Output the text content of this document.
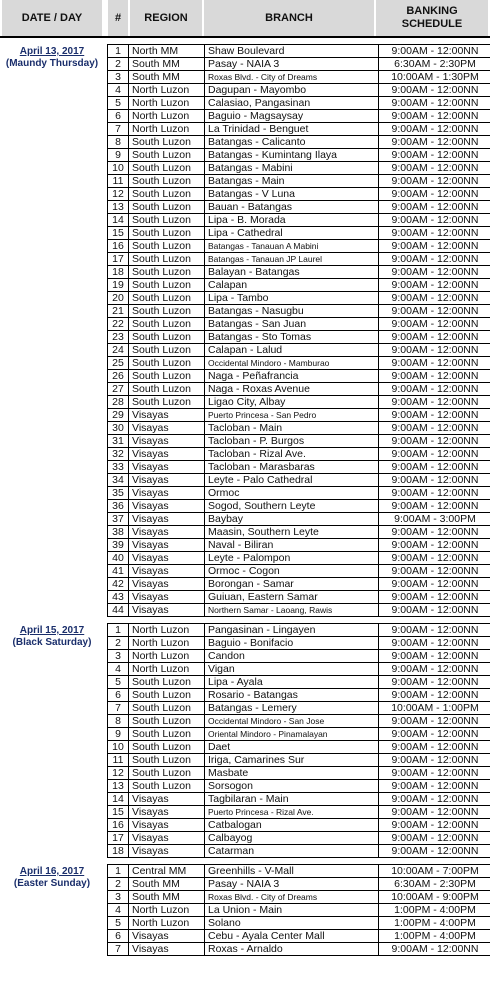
DATE / DAY	#	REGION	BRANCH
BANKING
SCHEDULE
April 13, 2017
(Maundy Thursday)
1	North MM	Shaw Boulevard	9:00AM - 12:00NN
2	South MM	Pasay - NAIA 3	6:30AM - 2:30PM
3	South MM	Roxas Blvd. - City of Dreams	10:00AM - 1:30PM
4	North Luzon	Dagupan - Mayombo	9:00AM - 12:00NN
5	North Luzon	Calasiao, Pangasinan	9:00AM - 12:00NN
6	North Luzon	Baguio - Magsaysay	9:00AM - 12:00NN
7	North Luzon	La Trinidad - Benguet	9:00AM - 12:00NN
8	South Luzon	Batangas - Calicanto	9:00AM - 12:00NN
9	South Luzon	Batangas - Kumintang Ilaya	9:00AM - 12:00NN
10 South Luzon	Batangas - Mabini	9:00AM - 12:00NN
11 South Luzon	Batangas - Main	9:00AM - 12:00NN
12 South Luzon	Batangas - V Luna	9:00AM - 12:00NN
13 South Luzon	Bauan - Batangas	9:00AM - 12:00NN
14 South Luzon	Lipa - B. Morada	9:00AM - 12:00NN
15 South Luzon	Lipa - Cathedral	9:00AM - 12:00NN
16 South Luzon	Batangas - Tanauan A Mabini	9:00AM - 12:00NN
17 South Luzon	Batangas - Tanauan JP Laurel	9:00AM - 12:00NN
18 South Luzon	Balayan - Batangas	9:00AM - 12:00NN
19 South Luzon	Calapan	9:00AM - 12:00NN
20 South Luzon	Lipa - Tambo	9:00AM - 12:00NN
21 South Luzon	Batangas - Nasugbu	9:00AM - 12:00NN
22 South Luzon	Batangas - San Juan	9:00AM - 12:00NN
23 South Luzon	Batangas - Sto Tomas	9:00AM - 12:00NN
24 South Luzon	Calapan - Lalud	9:00AM - 12:00NN
25 South Luzon	Occidental Mindoro - Mamburao	9:00AM - 12:00NN
26 South Luzon	Naga - Peñafrancia	9:00AM - 12:00NN
27 South Luzon	Naga - Roxas Avenue	9:00AM - 12:00NN
28 South Luzon	Ligao City, Albay	9:00AM - 12:00NN
29 Visayas	Puerto Princesa - San Pedro	9:00AM - 12:00NN
30 Visayas	Tacloban - Main	9:00AM - 12:00NN
31 Visayas	Tacloban - P. Burgos	9:00AM - 12:00NN
32 Visayas	Tacloban - Rizal Ave.	9:00AM - 12:00NN
33 Visayas	Tacloban - Marasbaras	9:00AM - 12:00NN
34 Visayas	Leyte - Palo Cathedral	9:00AM - 12:00NN
35 Visayas	Ormoc	9:00AM - 12:00NN
36 Visayas	Sogod, Southern Leyte	9:00AM - 12:00NN
37 Visayas	Baybay	9:00AM - 3:00PM
38 Visayas	Maasin, Southern Leyte	9:00AM - 12:00NN
39 Visayas	Naval - Biliran	9:00AM - 12:00NN
40 Visayas	Leyte - Palompon	9:00AM - 12:00NN
41 Visayas	Ormoc - Cogon	9:00AM - 12:00NN
42 Visayas	Borongan - Samar	9:00AM - 12:00NN
43 Visayas	Guiuan, Eastern Samar	9:00AM - 12:00NN
44 Visayas	Northern Samar - Laoang, Rawis	9:00AM - 12:00NN
April 15, 2017
(Black Saturday)
1	North Luzon	Pangasinan - Lingayen	9:00AM - 12:00NN
2	North Luzon	Baguio - Bonifacio	9:00AM - 12:00NN
3	North Luzon	Candon	9:00AM - 12:00NN
4	North Luzon	Vigan	9:00AM - 12:00NN
5	South Luzon	Lipa - Ayala	9:00AM - 12:00NN
6	South Luzon	Rosario - Batangas	9:00AM - 12:00NN
7	South Luzon	Batangas - Lemery	10:00AM - 1:00PM
8	South Luzon	Occidental Mindoro - San Jose	9:00AM - 12:00NN
9	South Luzon	Oriental Mindoro - Pinamalayan	9:00AM - 12:00NN
10 South Luzon	Daet	9:00AM - 12:00NN
11 South Luzon	Iriga, Camarines Sur	9:00AM - 12:00NN
12 South Luzon	Masbate	9:00AM - 12:00NN
13 South Luzon	Sorsogon	9:00AM - 12:00NN
14 Visayas	Tagbilaran - Main	9:00AM - 12:00NN
15 Visayas	Puerto Princesa - Rizal Ave.	9:00AM - 12:00NN
16 Visayas	Catbalogan	9:00AM - 12:00NN
17 Visayas	Calbayog	9:00AM - 12:00NN
18 Visayas	Catarman	9:00AM - 12:00NN
April 16, 2017
(Easter Sunday)
1	Central MM	Greenhills - V-Mall	10:00AM - 7:00PM
2	South MM	Pasay - NAIA 3	6:30AM - 2:30PM
3	South MM	Roxas Blvd. - City of Dreams	10:00AM - 9:00PM
4	North Luzon	La Union - Main	1:00PM - 4:00PM
5	North Luzon	Solano	1:00PM - 4:00PM
6	Visayas	Cebu - Ayala Center Mall	1:00PM - 4:00PM
7	Visayas	Roxas - Arnaldo	9:00AM - 12:00NN
